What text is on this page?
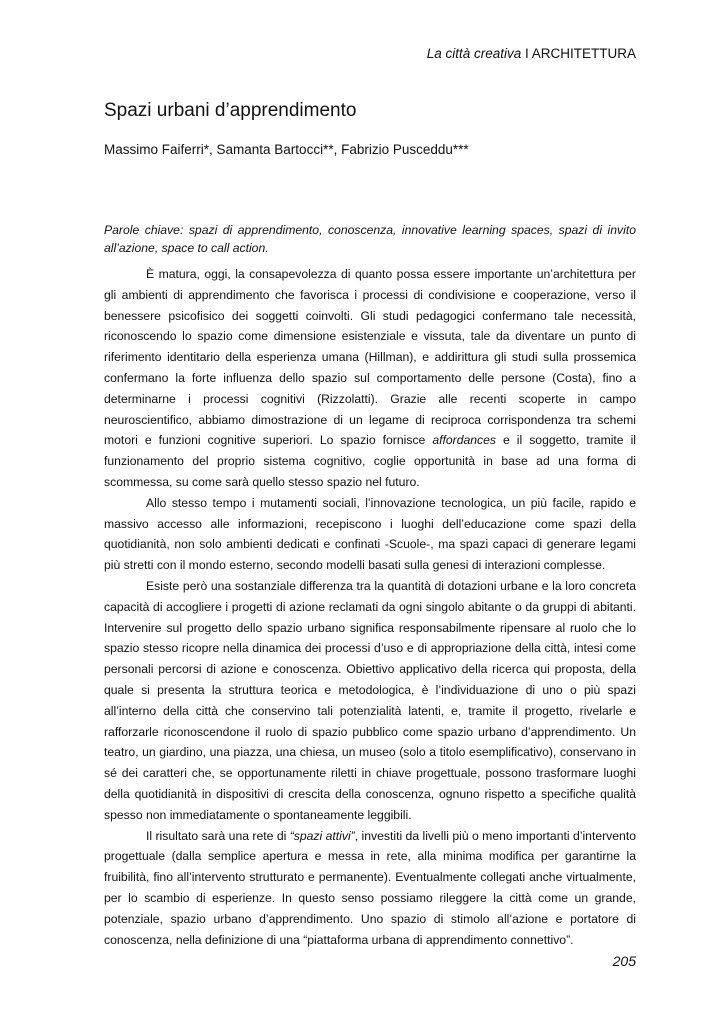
La città creativa I ARCHITETTURA
Spazi urbani d’apprendimento
Massimo Faiferri*, Samanta Bartocci**, Fabrizio Pusceddu***

Parole chiave: spazi di apprendimento, conoscenza, innovative learning spaces, spazi di invito all’azione, space to call action.

È matura, oggi, la consapevolezza di quanto possa essere importante un’architettura per gli ambienti di apprendimento che favorisca i processi di condivisione e cooperazione, verso il benessere psicofisico dei soggetti coinvolti. Gli studi pedagogici confermano tale necessità, riconoscendo lo spazio come dimensione esistenziale e vissuta, tale da diventare un punto di riferimento identitario della esperienza umana (Hillman), e addirittura gli studi sulla prossemica confermano la forte influenza dello spazio sul comportamento delle persone (Costa), fino a determinarne i processi cognitivi (Rizzolatti). Grazie alle recenti scoperte in campo neuroscientifico, abbiamo dimostrazione di un legame di reciproca corrispondenza tra schemi motori e funzioni cognitive superiori. Lo spazio fornisce affordances e il soggetto, tramite il funzionamento del proprio sistema cognitivo, coglie opportunità in base ad una forma di scommessa, su come sarà quello stesso spazio nel futuro.

Allo stesso tempo i mutamenti sociali, l’innovazione tecnologica, un più facile, rapido e massivo accesso alle informazioni, recepiscono i luoghi dell’educazione come spazi della quotidianità, non solo ambienti dedicati e confinati -Scuole-, ma spazi capaci di generare legami più stretti con il mondo esterno, secondo modelli basati sulla genesi di interazioni complesse.

Esiste però una sostanziale differenza tra la quantità di dotazioni urbane e la loro concreta capacità di accogliere i progetti di azione reclamati da ogni singolo abitante o da gruppi di abitanti. Intervenire sul progetto dello spazio urbano significa responsabilmente ripensare al ruolo che lo spazio stesso ricopre nella dinamica dei processi d’uso e di appropriazione della città, intesi come personali percorsi di azione e conoscenza. Obiettivo applicativo della ricerca qui proposta, della quale si presenta la struttura teorica e metodologica, è l’individuazione di uno o più spazi all’interno della città che conservino tali potenzialità latenti, e, tramite il progetto, rivelarle e rafforzarle riconoscendone il ruolo di spazio pubblico come spazio urbano d’apprendimento. Un teatro, un giardino, una piazza, una chiesa, un museo (solo a titolo esemplificativo), conservano in sé dei caratteri che, se opportunamente riletti in chiave progettuale, possono trasformare luoghi della quotidianità in dispositivi di crescita della conoscenza, ognuno rispetto a specifiche qualità spesso non immediatamente o spontaneamente leggibili.

Il risultato sarà una rete di “spazi attivi”, investiti da livelli più o meno importanti d’intervento progettuale (dalla semplice apertura e messa in rete, alla minima modifica per garantirne la fruibilità, fino all’intervento strutturato e permanente). Eventualmente collegati anche virtualmente, per lo scambio di esperienze. In questo senso possiamo rileggere la città come un grande, potenziale, spazio urbano d’apprendimento. Uno spazio di stimolo all’azione e portatore di conoscenza, nella definizione di una “piattaforma urbana di apprendimento connettivo”.

205
